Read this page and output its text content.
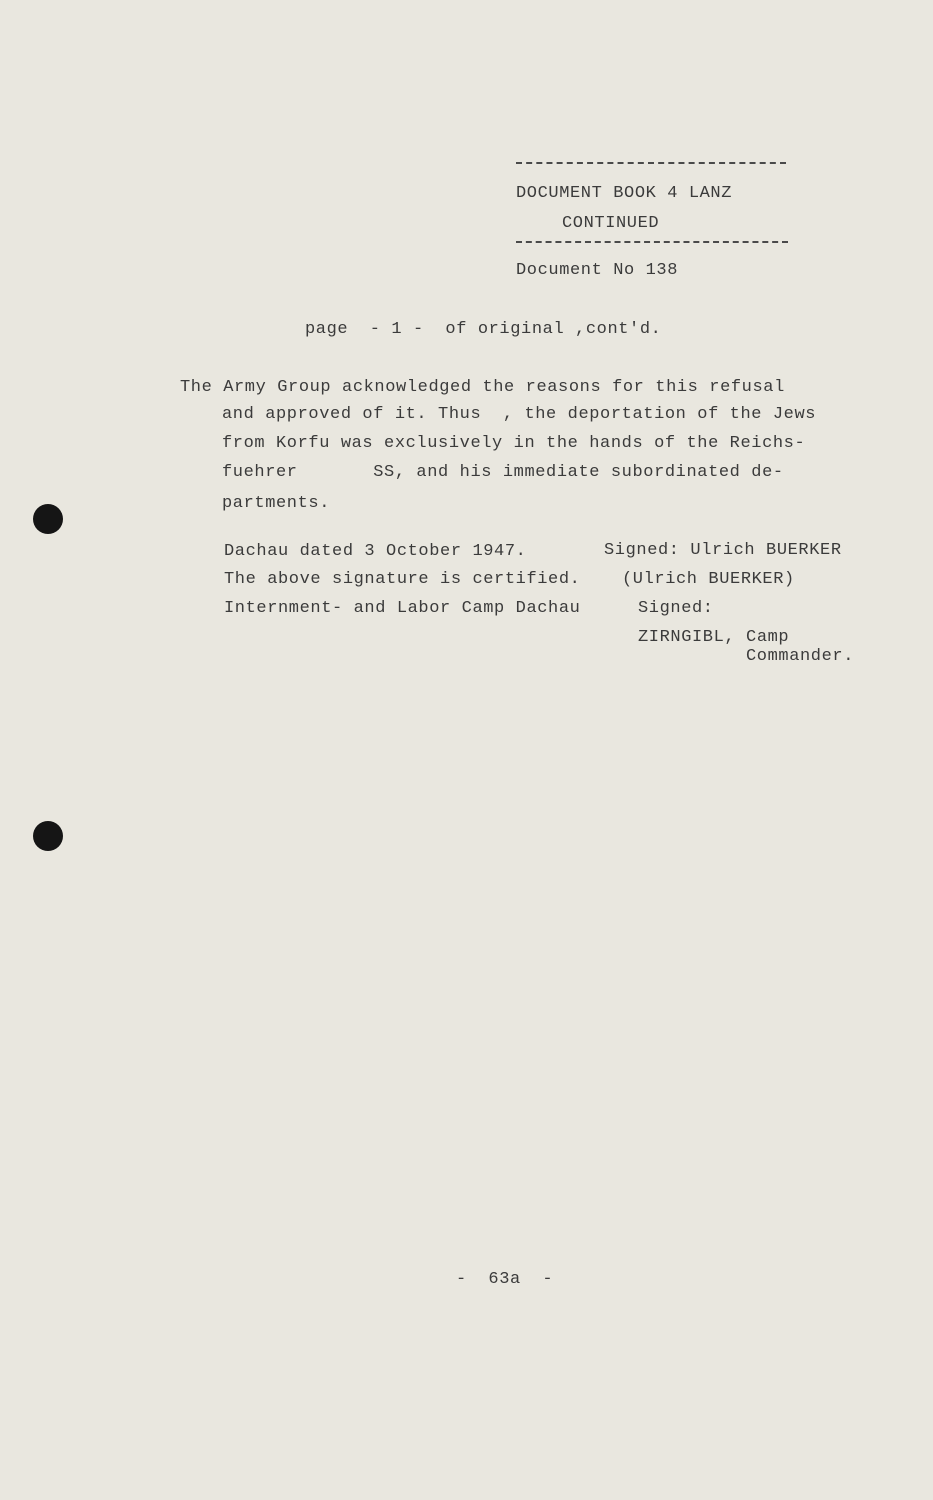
DOCUMENT BOOK 4 LANZ
CONTINUED
Document No 138
page  - 1 -  of original ,cont'd.
The Army Group acknowledged the reasons for this refusal
and approved of it. Thus  , the deportation of the Jews
from Korfu was exclusively in the hands of the Reichs-
fuehrer       SS, and his immediate subordinated de-
partments.
Dachau dated 3 October 1947.
The above signature is certified.
Internment- and Labor Camp Dachau
Signed: Ulrich BUERKER
(Ulrich BUERKER)
Signed:
ZIRNGIBL, Camp
Commander.
-  63a  -
